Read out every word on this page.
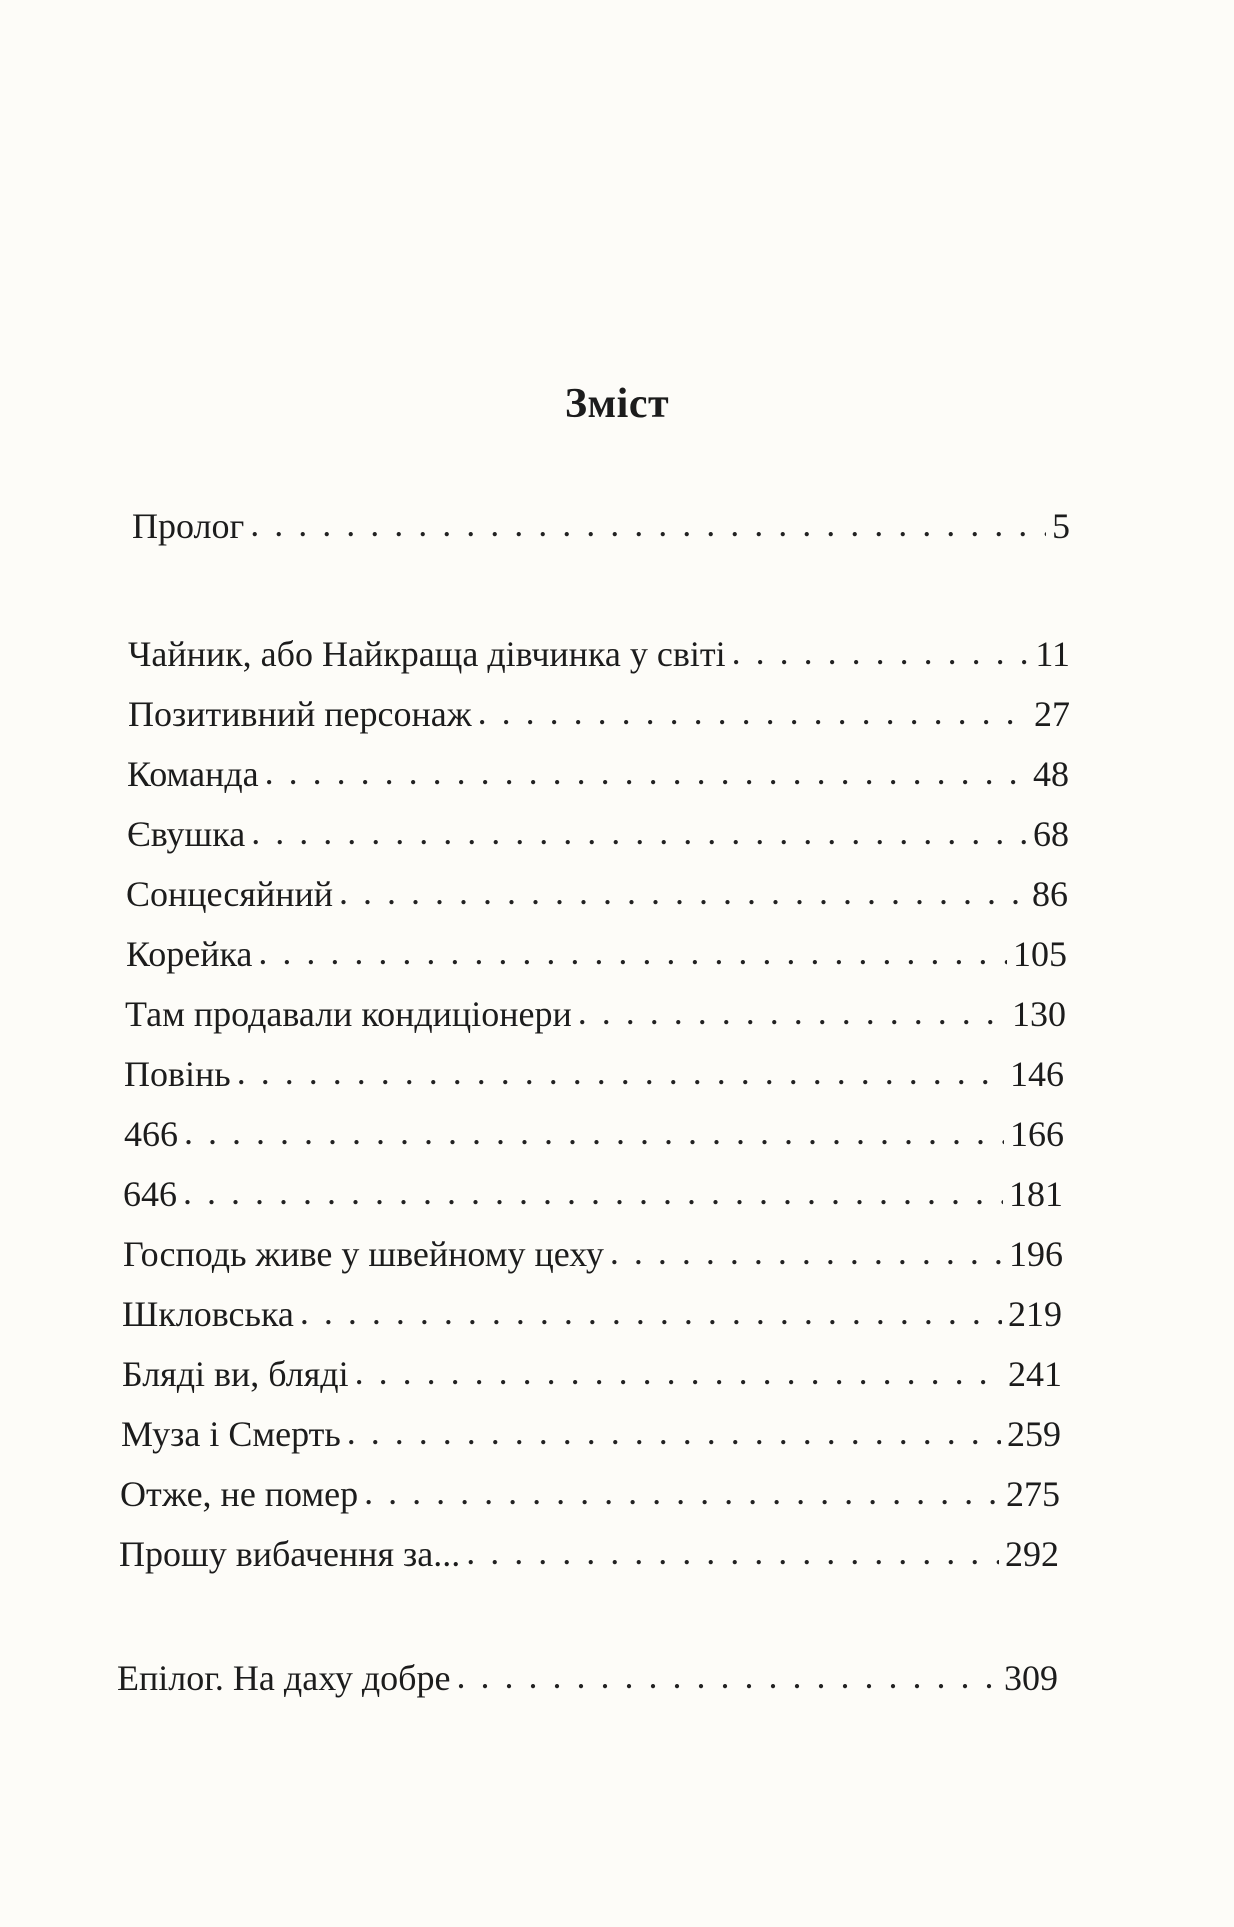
Зміст
Пролог . . .	5
Чайник, або Найкраща дівчинка у світі . . .	11
Позитивний персонаж . . .	27
Команда . . .	48
Євушка . . .	68
Сонцесяйний . . .	86
Корейка . . .	105
Там продавали кондиціонери . . .	130
Повінь . . .	146
466 . . .	166
646 . . .	181
Господь живе у швейному цеху . . .	196
Шкловська . . .	219
Бляді ви, бляді . . .	241
Муза і Смерть . . .	259
Отже, не помер . . .	275
Прошу вибачення за... . . .	292
Епілог. На даху добре . . .	309
